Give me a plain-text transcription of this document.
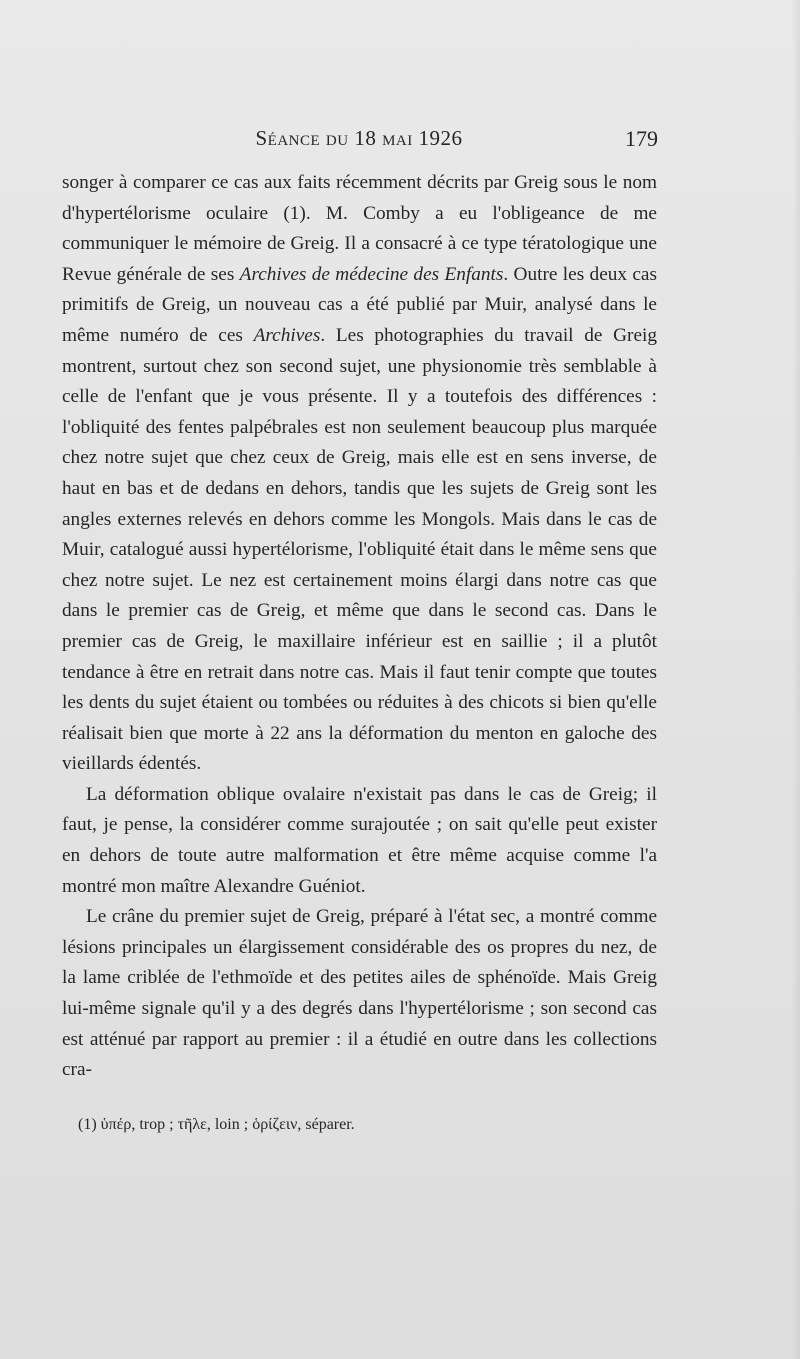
Séance du 18 mai 1926	179

songer à comparer ce cas aux faits récemment décrits par Greig sous le nom d'hypertélorisme oculaire (1). M. Comby a eu l'obligeance de me communiquer le mémoire de Greig. Il a consacré à ce type tératologique une Revue générale de ses Archives de médecine des Enfants. Outre les deux cas primitifs de Greig, un nouveau cas a été publié par Muir, analysé dans le même numéro de ces Archives. Les photographies du travail de Greig montrent, surtout chez son second sujet, une physionomie très semblable à celle de l'enfant que je vous présente. Il y a toutefois des différences : l'obliquité des fentes palpébrales est non seulement beaucoup plus marquée chez notre sujet que chez ceux de Greig, mais elle est en sens inverse, de haut en bas et de dedans en dehors, tandis que les sujets de Greig sont les angles externes relevés en dehors comme les Mongols. Mais dans le cas de Muir, catalogué aussi hypertélorisme, l'obliquité était dans le même sens que chez notre sujet. Le nez est certainement moins élargi dans notre cas que dans le premier cas de Greig, et même que dans le second cas. Dans le premier cas de Greig, le maxillaire inférieur est en saillie ; il a plutôt tendance à être en retrait dans notre cas. Mais il faut tenir compte que toutes les dents du sujet étaient ou tombées ou réduites à des chicots si bien qu'elle réalisait bien que morte à 22 ans la déformation du menton en galoche des vieillards édentés.

La déformation oblique ovalaire n'existait pas dans le cas de Greig; il faut, je pense, la considérer comme surajoutée ; on sait qu'elle peut exister en dehors de toute autre malformation et être même acquise comme l'a montré mon maître Alexandre Guéniot.

Le crâne du premier sujet de Greig, préparé à l'état sec, a montré comme lésions principales un élargissement considérable des os propres du nez, de la lame criblée de l'ethmoïde et des petites ailes de sphénoïde. Mais Greig lui-même signale qu'il y a des degrés dans l'hypertélorisme ; son second cas est atténué par rapport au premier : il a étudié en outre dans les collections cra-

(1) ὑπέρ, trop ; τῆλε, loin ; ὁρίζειν, séparer.
